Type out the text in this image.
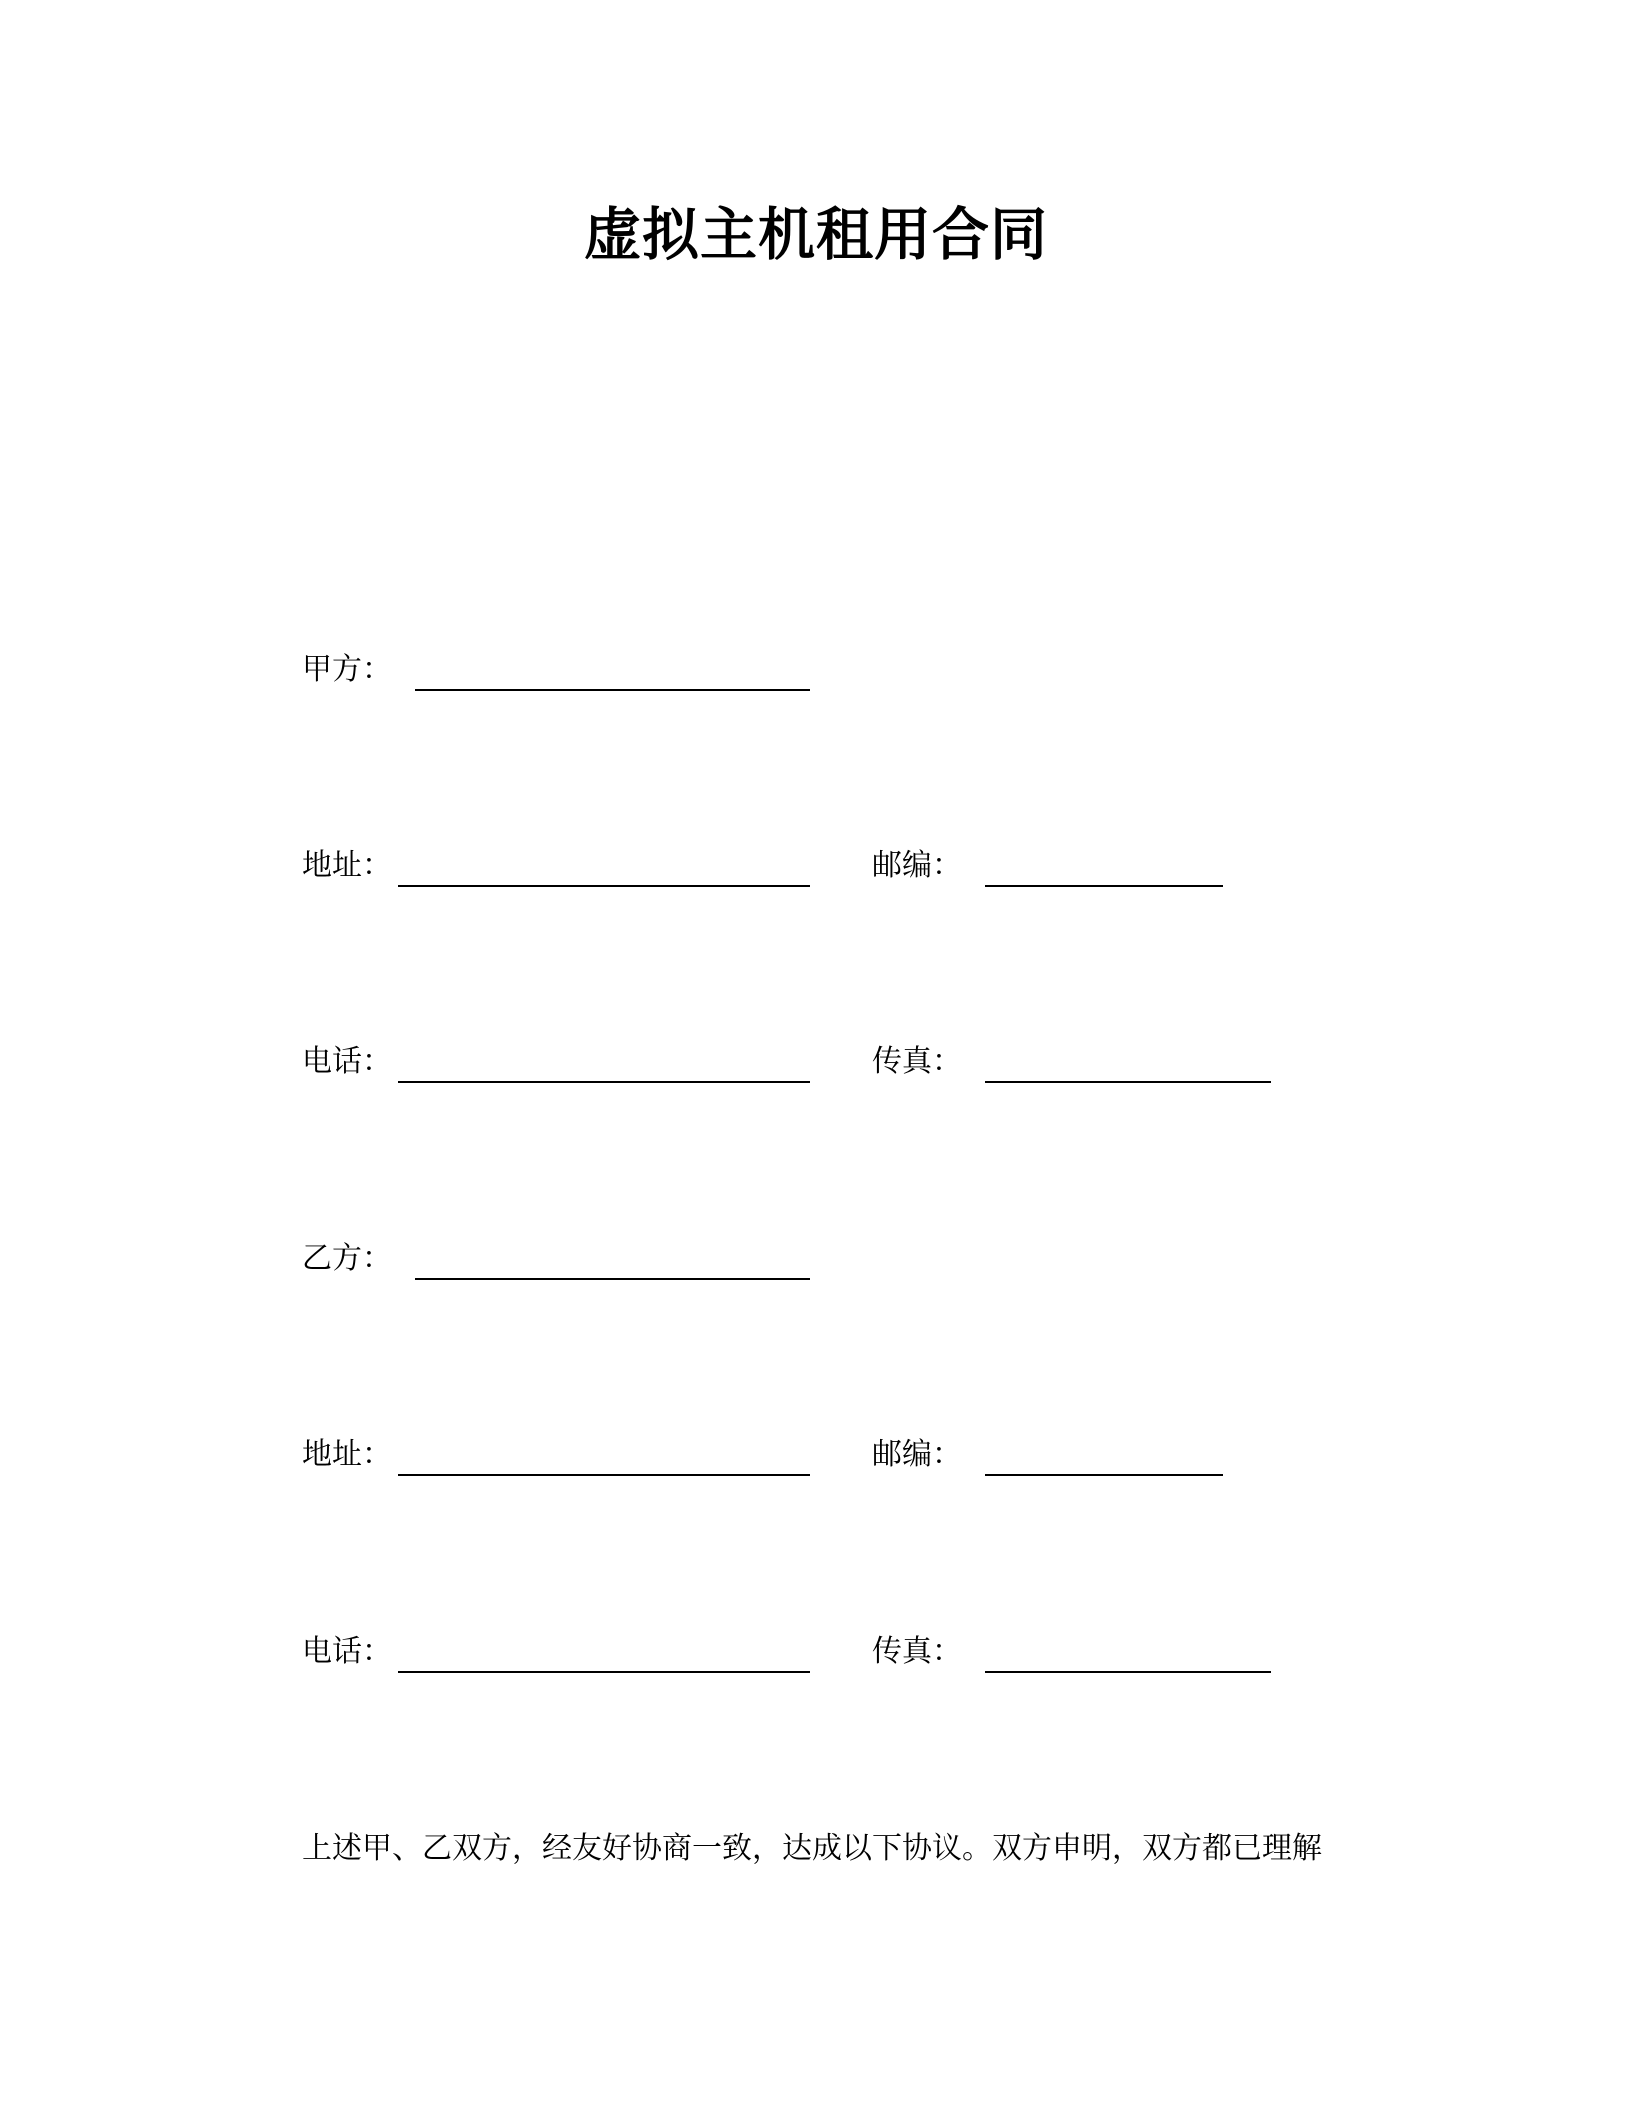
虚拟主机租用合同
甲方：
地址：	邮编：
电话：	传真：
乙方：
地址：	邮编：
电话：	传真：
上述甲、乙双方，经友好协商一致，达成以下协议。双方申明，双方都已理解
